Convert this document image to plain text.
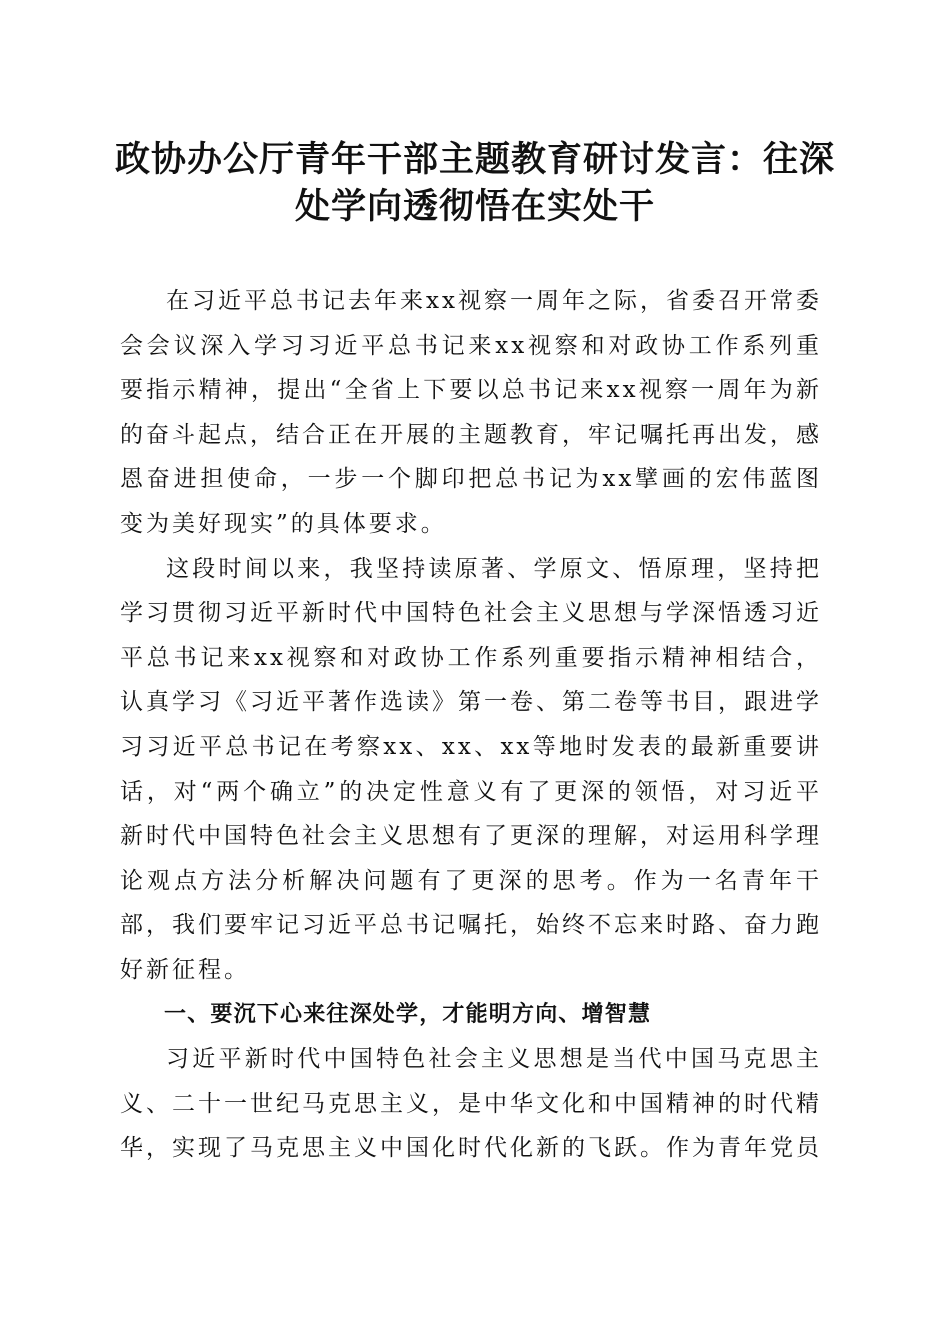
政协办公厅青年干部主题教育研讨发言：往深
处学向透彻悟在实处干

在习近平总书记去年来xx视察一周年之际，省委召开常委会会议深入学习习近平总书记来xx视察和对政协工作系列重要指示精神，提出“全省上下要以总书记来xx视察一周年为新的奋斗起点，结合正在开展的主题教育，牢记嘱托再出发，感恩奋进担使命，一步一个脚印把总书记为xx擘画的宏伟蓝图变为美好现实”的具体要求。

这段时间以来，我坚持读原著、学原文、悟原理，坚持把学习贯彻习近平新时代中国特色社会主义思想与学深悟透习近平总书记来xx视察和对政协工作系列重要指示精神相结合，认真学习《习近平著作选读》第一卷、第二卷等书目，跟进学习习近平总书记在考察xx、xx、xx等地时发表的最新重要讲话，对“两个确立”的决定性意义有了更深的领悟，对习近平新时代中国特色社会主义思想有了更深的理解，对运用科学理论观点方法分析解决问题有了更深的思考。作为一名青年干部，我们要牢记习近平总书记嘱托，始终不忘来时路、奋力跑好新征程。

一、要沉下心来往深处学，才能明方向、增智慧

习近平新时代中国特色社会主义思想是当代中国马克思主义、二十一世纪马克思主义，是中华文化和中国精神的时代精华，实现了马克思主义中国化时代化新的飞跃。作为青年党员
